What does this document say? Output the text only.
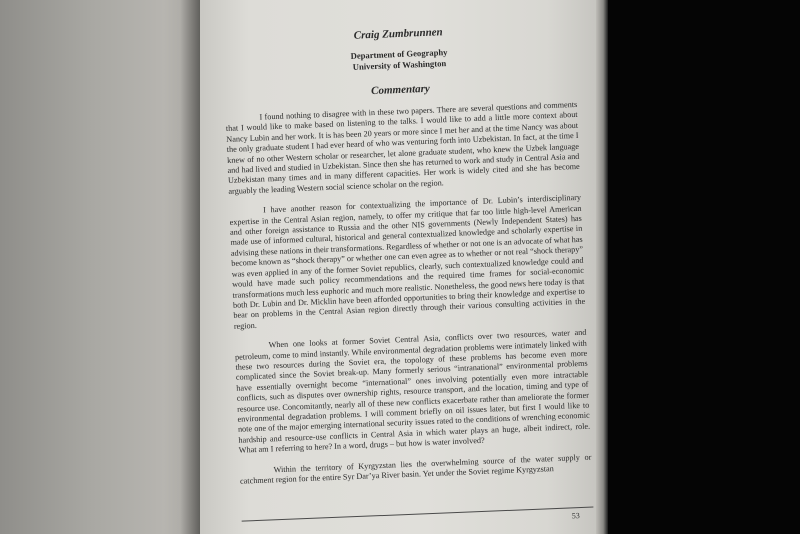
Craig Zumbrunnen

Department of Geography

University of Washington

Commentary

I found nothing to disagree with in these two papers. There are several questions and comments that I would like to make based on listening to the talks. I would like to add a little more context about Nancy Lubin and her work. It is has been 20 years or more since I met her and at the time Nancy was about the only graduate student I had ever heard of who was venturing forth into Uzbekistan. In fact, at the time I knew of no other Western scholar or researcher, let alone graduate student, who knew the Uzbek language and had lived and studied in Uzbekistan. Since then she has returned to work and study in Central Asia and Uzbekistan many times and in many different capacities. Her work is widely cited and she has become arguably the leading Western social science scholar on the region.

I have another reason for contextualizing the importance of Dr. Lubin’s interdisciplinary expertise in the Central Asian region, namely, to offer my critique that far too little high-level American and other foreign assistance to Russia and the other NIS governments (Newly Independent States) has made use of informed cultural, historical and general contextualized knowledge and scholarly expertise in advising these nations in their transformations. Regardless of whether or not one is an advocate of what has become known as “shock therapy” or whether one can even agree as to whether or not real “shock therapy” was even applied in any of the former Soviet republics, clearly, such contextualized knowledge could and would have made such policy recommendations and the required time frames for social-economic transformations much less euphoric and much more realistic. Nonetheless, the good news here today is that both Dr. Lubin and Dr. Micklin have been afforded opportunities to bring their knowledge and expertise to bear on problems in the Central Asian region directly through their various consulting activities in the region.

When one looks at former Soviet Central Asia, conflicts over two resources, water and petroleum, come to mind instantly. While environmental degradation problems were intimately linked with these two resources during the Soviet era, the topology of these problems has become even more complicated since the Soviet break-up. Many formerly serious “intranational” environmental problems have essentially overnight become “international” ones involving potentially even more intractable conflicts, such as disputes over ownership rights, resource transport, and the location, timing and type of resource use. Concomitantly, nearly all of these new conflicts exacerbate rather than ameliorate the former environmental degradation problems. I will comment briefly on oil issues later, but first I would like to note one of the major emerging international security issues rated to the conditions of wrenching economic hardship and resource-use conflicts in Central Asia in which water plays an huge, albeit indirect, role. What am I referring to here? In a word, drugs – but how is water involved?

Within the territory of Kyrgyzstan lies the overwhelming source of the water supply or catchment region for the entire Syr Dar’ya River basin. Yet under the Soviet regime Kyrgyzstan

53
